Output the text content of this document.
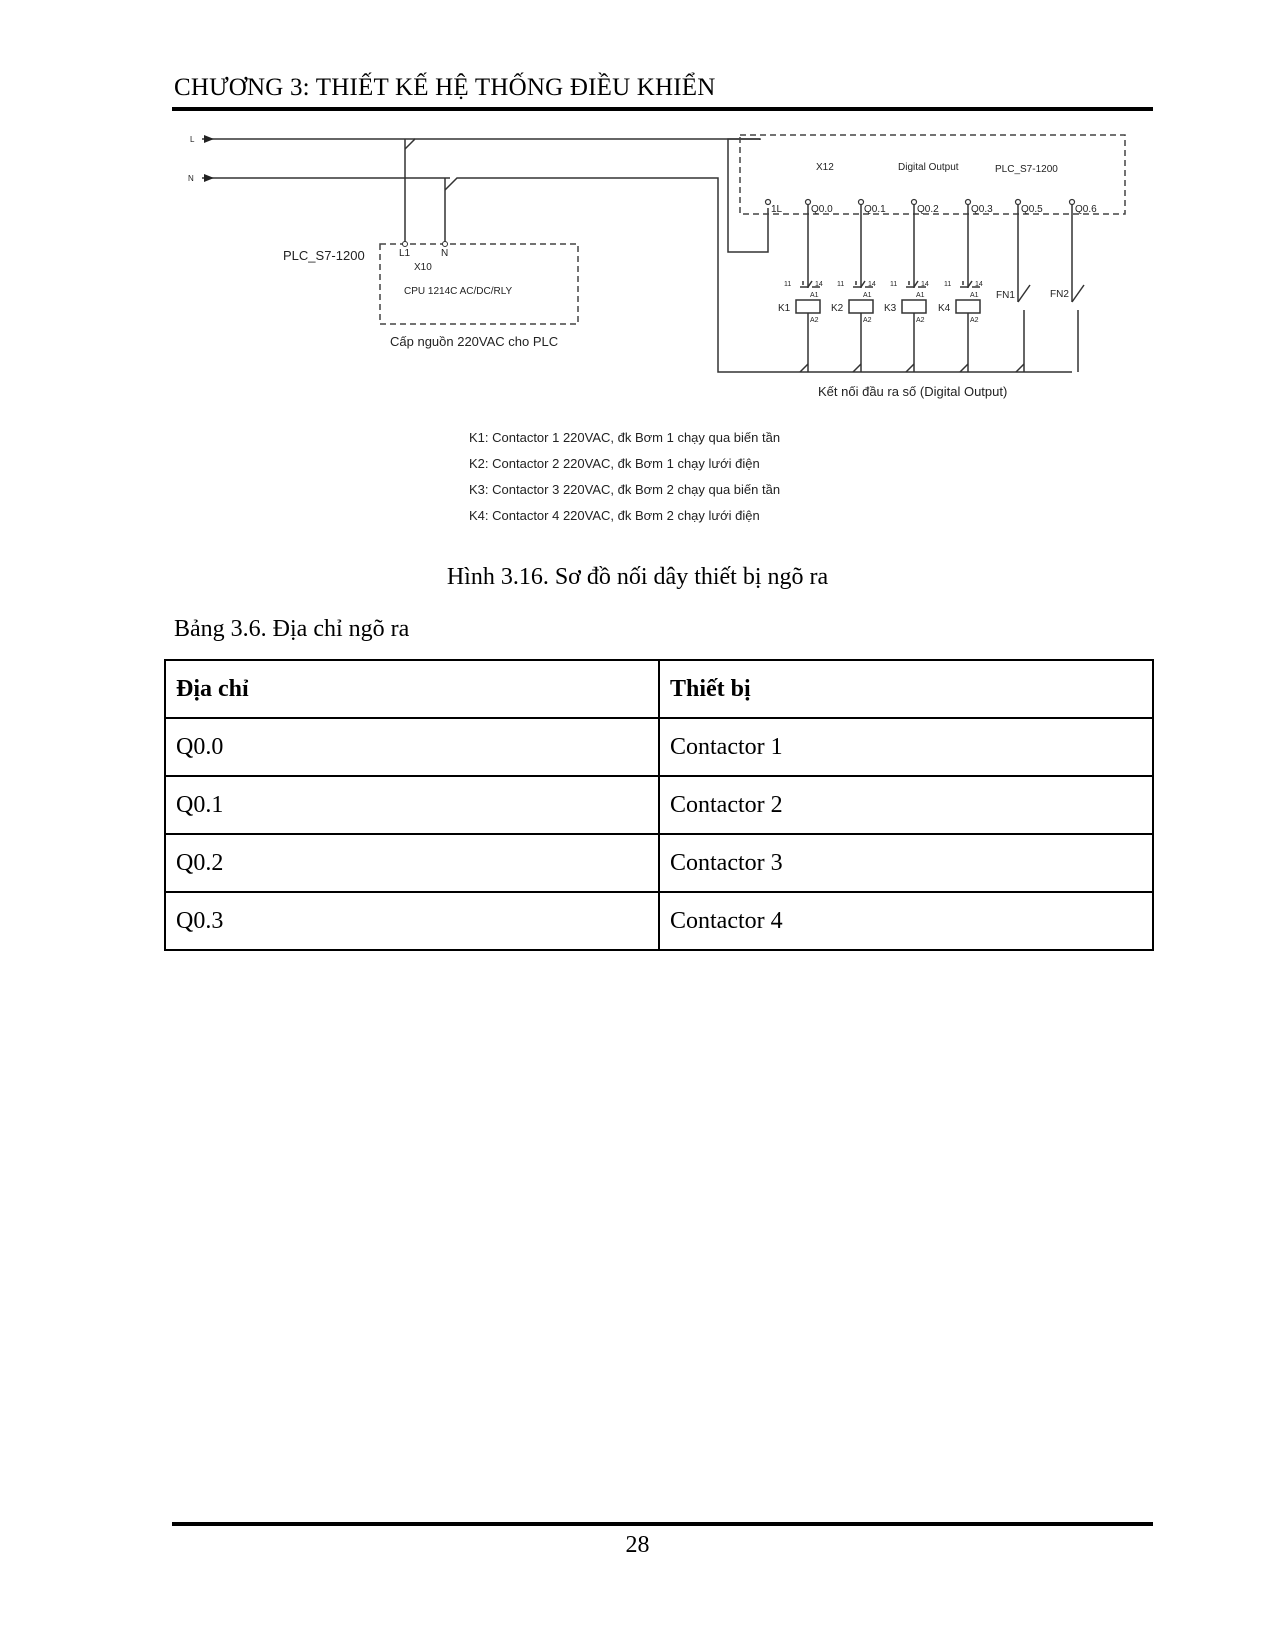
CHƯƠNG 3: THIẾT KẾ HỆ THỐNG ĐIỀU KHIỂN
L
N
PLC_S7-1200	L1	N
X10
CPU 1214C AC/DC/RLY
Cấp nguồn 220VAC cho PLC
X12	Digital Output	PLC_S7-1200
1L	Q0.0	Q0.1	Q0.2	Q0.3	Q0.5	Q0.6
K1	K2	K3	K4
11	14 11	14 11	14 11	14
A1	A1	A1	A1
A2	A2	A2	A2
FN1	FN2
Kết nối đầu ra số (Digital Output)
K1: Contactor 1 220VAC, đk Bơm 1 chạy qua biến tần
K2: Contactor 2 220VAC, đk Bơm 1 chạy lưới điện
K3: Contactor 3 220VAC, đk Bơm 2 chạy qua biến tần
K4: Contactor 4 220VAC, đk Bơm 2 chạy lưới điện
Hình 3.16. Sơ đồ nối dây thiết bị ngõ ra
Bảng 3.6. Địa chỉ ngõ ra
Địa chỉ	Thiết bị
Q0.0	Contactor 1
Q0.1	Contactor 2
Q0.2	Contactor 3
Q0.3	Contactor 4
28
